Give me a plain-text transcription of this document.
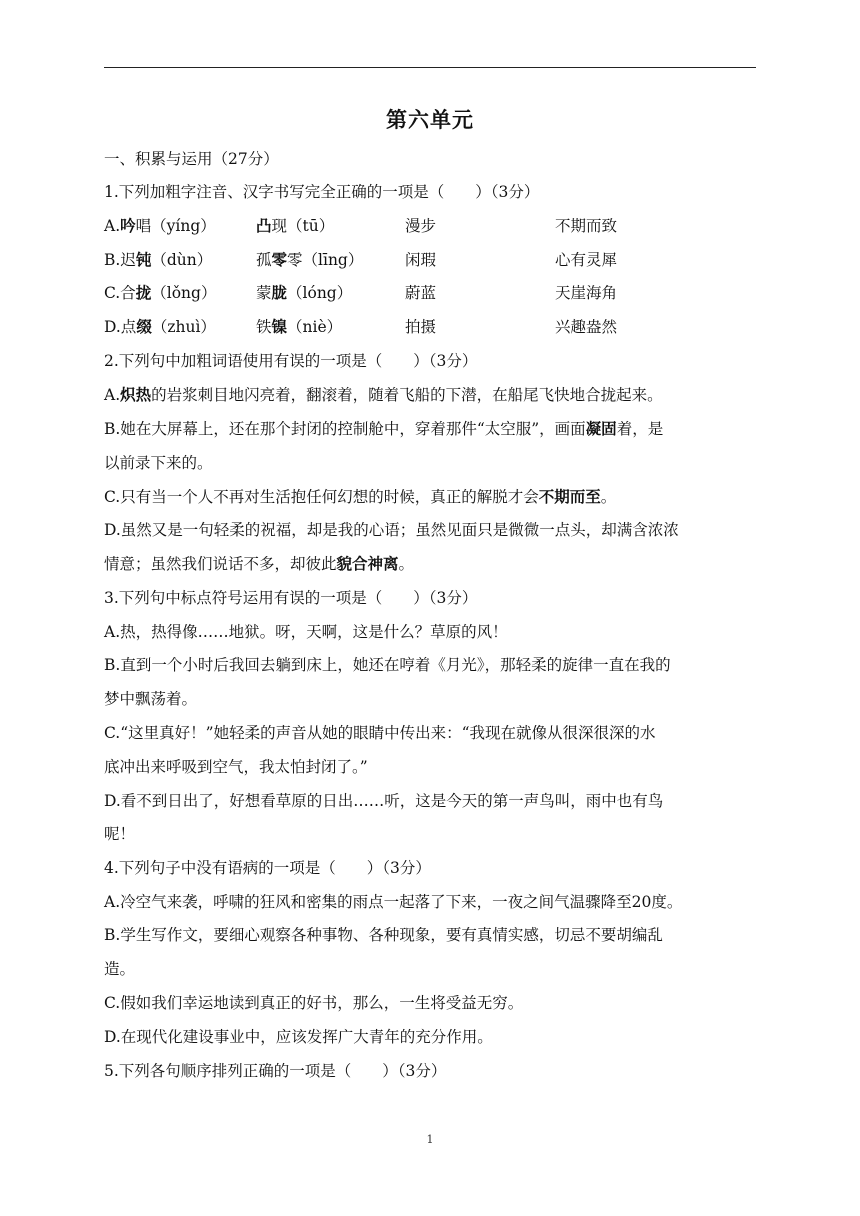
第六单元
一、积累与运用（27分）
1.下列加粗字注音、汉字书写完全正确的一项是（　　）（3分）
A.吟唱（yíng）	凸现（tū）	漫步	不期而致
B.迟钝（dùn）	孤零零（līng）	闲瑕	心有灵犀
C.合拢（lǒng）	蒙胧（lóng）	蔚蓝	天崖海角
D.点缀（zhuì）	铁镍（niè）	拍摄	兴趣盎然
2.下列句中加粗词语使用有误的一项是（　　）（3分）
A.炽热的岩浆刺目地闪亮着，翻滚着，随着飞船的下潜，在船尾飞快地合拢起来。
B.她在大屏幕上，还在那个封闭的控制舱中，穿着那件“太空服”，画面凝固着，是
以前录下来的。
C.只有当一个人不再对生活抱任何幻想的时候，真正的解脱才会不期而至。
D.虽然又是一句轻柔的祝福，却是我的心语；虽然见面只是微微一点头，却满含浓浓
情意；虽然我们说话不多，却彼此貌合神离。
3.下列句中标点符号运用有误的一项是（　　）（3分）
A.热，热得像……地狱。呀，天啊，这是什么？草原的风！
B.直到一个小时后我回去躺到床上，她还在哼着《月光》，那轻柔的旋律一直在我的
梦中飘荡着。
C.“这里真好！”她轻柔的声音从她的眼睛中传出来：“我现在就像从很深很深的水
底冲出来呼吸到空气，我太怕封闭了。”
D.看不到日出了，好想看草原的日出……听，这是今天的第一声鸟叫，雨中也有鸟
呢！
4.下列句子中没有语病的一项是（　　）（3分）
A.冷空气来袭，呼啸的狂风和密集的雨点一起落了下来，一夜之间气温骤降至20度。
B.学生写作文，要细心观察各种事物、各种现象，要有真情实感，切忌不要胡编乱
造。
C.假如我们幸运地读到真正的好书，那么，一生将受益无穷。
D.在现代化建设事业中，应该发挥广大青年的充分作用。
5.下列各句顺序排列正确的一项是（　　）（3分）
1
